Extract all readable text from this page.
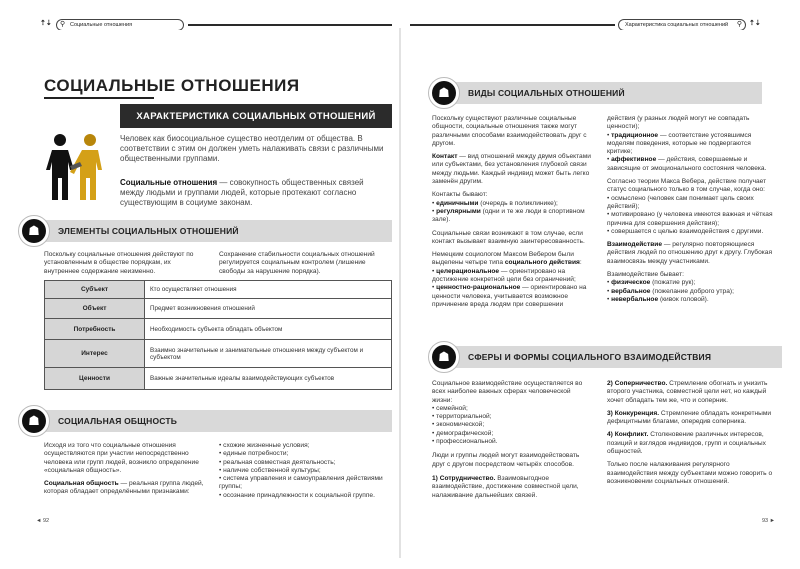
⇡⇣ ⚲ Социальные отношения	Характеристика социальных отношений ⚲ ⇡⇣
СОЦИАЛЬНЫЕ ОТНОШЕНИЯ
ХАРАКТЕРИСТИКА СОЦИАЛЬНЫХ ОТНОШЕНИЙ
Человек как биосоциальное существо неотделим от общества. В соответствии с этим он должен уметь налаживать связи с различными общественными группами.
Социальные отношения — совокупность общественных связей между людьми и группами людей, которые протекают согласно существующим в социуме законам.
☗	ЭЛЕМЕНТЫ СОЦИАЛЬНЫХ ОТНОШЕНИЙ
Поскольку социальные отношения действуют по установленным в обществе порядкам, их внутреннее содержание неизменно.
Сохранение стабильности социальных отношений регулируется социальным контролем (лишение свободы за нарушение порядка).
Субъект	Кто осуществляет отношения
Объект	Предмет возникновения отношений
Потребность	Необходимость субъекта обладать объектом
Интерес	Взаимно значительные и занимательные отношения между субъектом и субъектом
Ценности	Важные значительные идеалы взаимодействующих субъектов
☗	СОЦИАЛЬНАЯ ОБЩНОСТЬ
Исходя из того что социальные отношения осуществляются при участии непосредственно человека или групп людей, возникло определение «социальная общность».
Социальная общность — реальная группа людей, которая обладает определёнными признаками:
• схожие жизненные условия;
• единые потребности;
• реальная совместная деятельность;
• наличие собственной культуры;
• система управления и самоуправления действиями группы;
• осознание принадлежности к социальной группе.
◄ 92
☗	ВИДЫ СОЦИАЛЬНЫХ ОТНОШЕНИЙ
Поскольку существуют различные социальные общности, социальные отношения также могут различными способами взаимодействовать друг с другом.
Контакт — вид отношений между двумя объектами или субъектами, без установления глубокой связи между людьми. Каждый индивид может быть легко заменён другим.
Контакты бывают:
• единичными (очередь в поликлинике);
• регулярными (одни и те же люди в спортивном зале).
Социальные связи возникают в том случае, если контакт вызывает взаимную заинтересованность.
Немецким социологом Максом Вебером были выделены четыре типа социального действия:
• целерациональное — ориентировано на достижение конкретной цели без ограничений;
• ценностно-рациональное — ориентировано на ценности человека, учитывается возможное причинение вреда людям при совершении
действия (у разных людей могут не совпадать ценности);
• традиционное — соответствие устоявшимся моделям поведения, которые не подвергаются критике;
• аффективное — действия, совершаемые и зависящие от эмоционального состояния человека.
Согласно теории Макса Вебера, действие получает статус социального только в том случае, когда оно:
• осмыслено (человек сам понимает цель своих действий);
• мотивировано (у человека имеются важная и чёткая причина для совершения действия);
• совершается с целью взаимодействия с другими.
Взаимодействие — регулярно повторяющиеся действия людей по отношению друг к другу. Глубокая взаимосвязь между участниками.
Взаимодействие бывает:
• физическое (пожатие рук);
• вербальное (пожелание доброго утра);
• невербальное (кивок головой).
☗	СФЕРЫ И ФОРМЫ СОЦИАЛЬНОГО ВЗАИМОДЕЙСТВИЯ
Социальное взаимодействие осуществляется во всех наиболее важных сферах человеческой жизни:
• семейной;
• территориальной;
• экономической;
• демографической;
• профессиональной.
Люди и группы людей могут взаимодействовать друг с другом посредством четырёх способов.
1) Сотрудничество. Взаимовыгодное взаимодействие, достижение совместной цели, налаживание дальнейших связей.
2) Соперничество. Стремление обогнать и унизить второго участника, совместной цели нет, но каждый хочет обладать тем же, что и соперник.
3) Конкуренция. Стремление обладать конкретными дефицитными благами, опередив соперника.
4) Конфликт. Столкновение различных интересов, позиций и взглядов индивидов, групп и социальных общностей.
Только после налаживания регулярного взаимодействия между субъектами можно говорить о возникновении социальных отношений.
93 ►
